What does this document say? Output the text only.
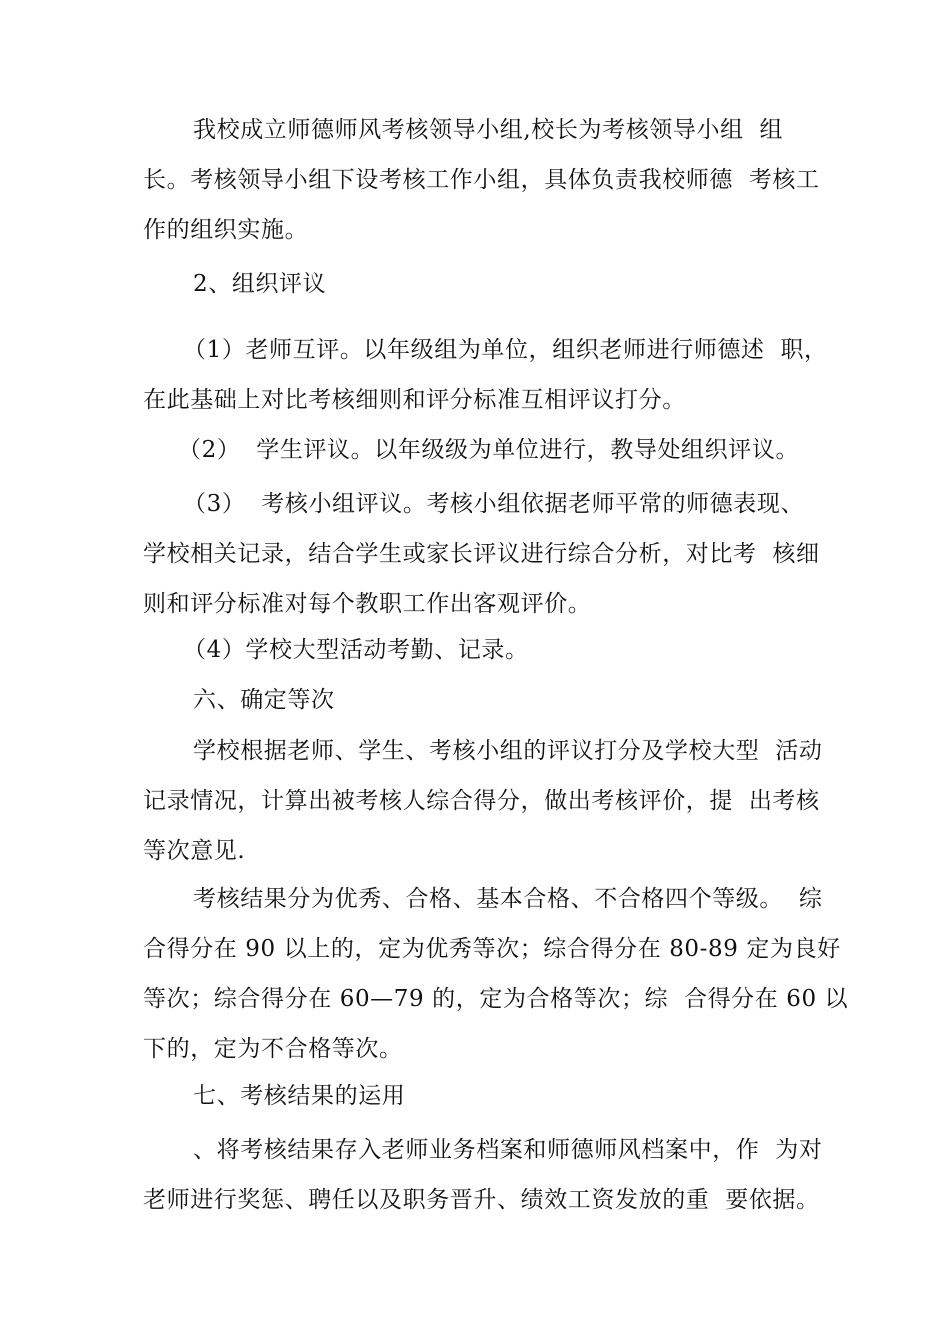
我校成立师德师风考核领导小组,校长为考核领导小组  组
长。考核领导小组下设考核工作小组，具体负责我校师德  考核工
作的组织实施。
2、组织评议
（1）老师互评。以年级组为单位，组织老师进行师德述  职，
在此基础上对比考核细则和评分标准互相评议打分。
（2）  学生评议。以年级级为单位进行，教导处组织评议。
（3）  考核小组评议。考核小组依据老师平常的师德表现、
学校相关记录，结合学生或家长评议进行综合分析，对比考  核细
则和评分标准对每个教职工作出客观评价。
（4）学校大型活动考勤、记录。
六、确定等次
学校根据老师、学生、考核小组的评议打分及学校大型  活动
记录情况，计算出被考核人综合得分，做出考核评价，提  出考核
等次意见.
考核结果分为优秀、合格、基本合格、不合格四个等级。  综
合得分在 90 以上的，定为优秀等次；综合得分在 80-89 定为良好
等次；综合得分在 60—79 的，定为合格等次；综  合得分在 60 以
下的，定为不合格等次。
七、考核结果的运用
、将考核结果存入老师业务档案和师德师风档案中，作  为对
老师进行奖惩、聘任以及职务晋升、绩效工资发放的重  要依据。
